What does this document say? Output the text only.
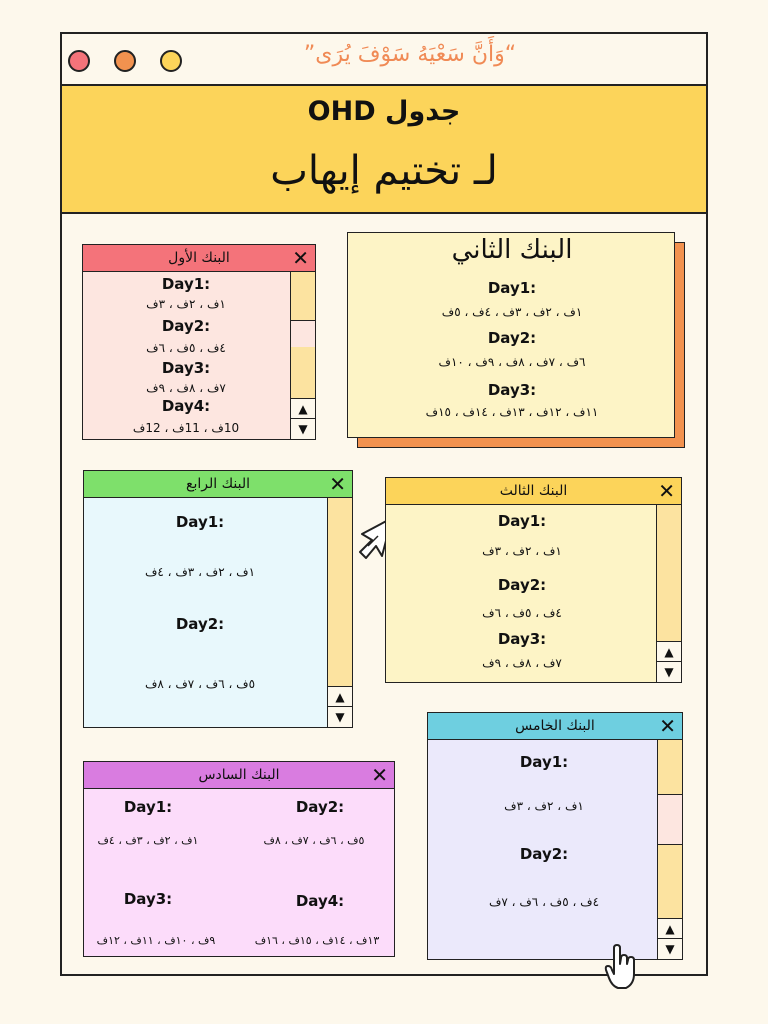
“وَأَنَّ سَعْيَهُ سَوْفَ يُرَى”
جدول OHD
لـ تختيم إيهاب
البنك الأول	✕
Day1:
١ف ، ٢ف ، ٣ف
Day2:
٤ف ، ٥ف ، ٦ف
Day3:
٧ف ، ٨ف ، ٩ف
Day4:
10ف ، 11ف ، 12ف
▲
▼
البنك الثاني
Day1:
١ف ، ٢ف ، ٣ف ، ٤ف ، ٥ف
Day2:
٦ف ، ٧ف ، ٨ف ، ٩ف ، ١٠ف
Day3:
١١ف ، ١٢ف ، ١٣ف ، ١٤ف ، ١٥ف
البنك الرابع	✕
Day1:
١ف ، ٢ف ، ٣ف ، ٤ف
Day2:
٥ف ، ٦ف ، ٧ف ، ٨ف
▲
▼
البنك الثالث	✕
Day1:
١ف ، ٢ف ، ٣ف
Day2:
٤ف ، ٥ف ، ٦ف
Day3:
٧ف ، ٨ف ، ٩ف
▲
▼
البنك الخامس	✕
Day1:
١ف ، ٢ف ، ٣ف
Day2:
٤ف ، ٥ف ، ٦ف ، ٧ف
▲
▼
البنك السادس	✕
Day1:
١ف ، ٢ف ، ٣ف ، ٤ف
Day2:
٥ف ، ٦ف ، ٧ف ، ٨ف
Day3:
٩ف ، ١٠ف ، ١١ف ، ١٢ف
Day4:
١٣ف ، ١٤ف ، ١٥ف ، ١٦ف
